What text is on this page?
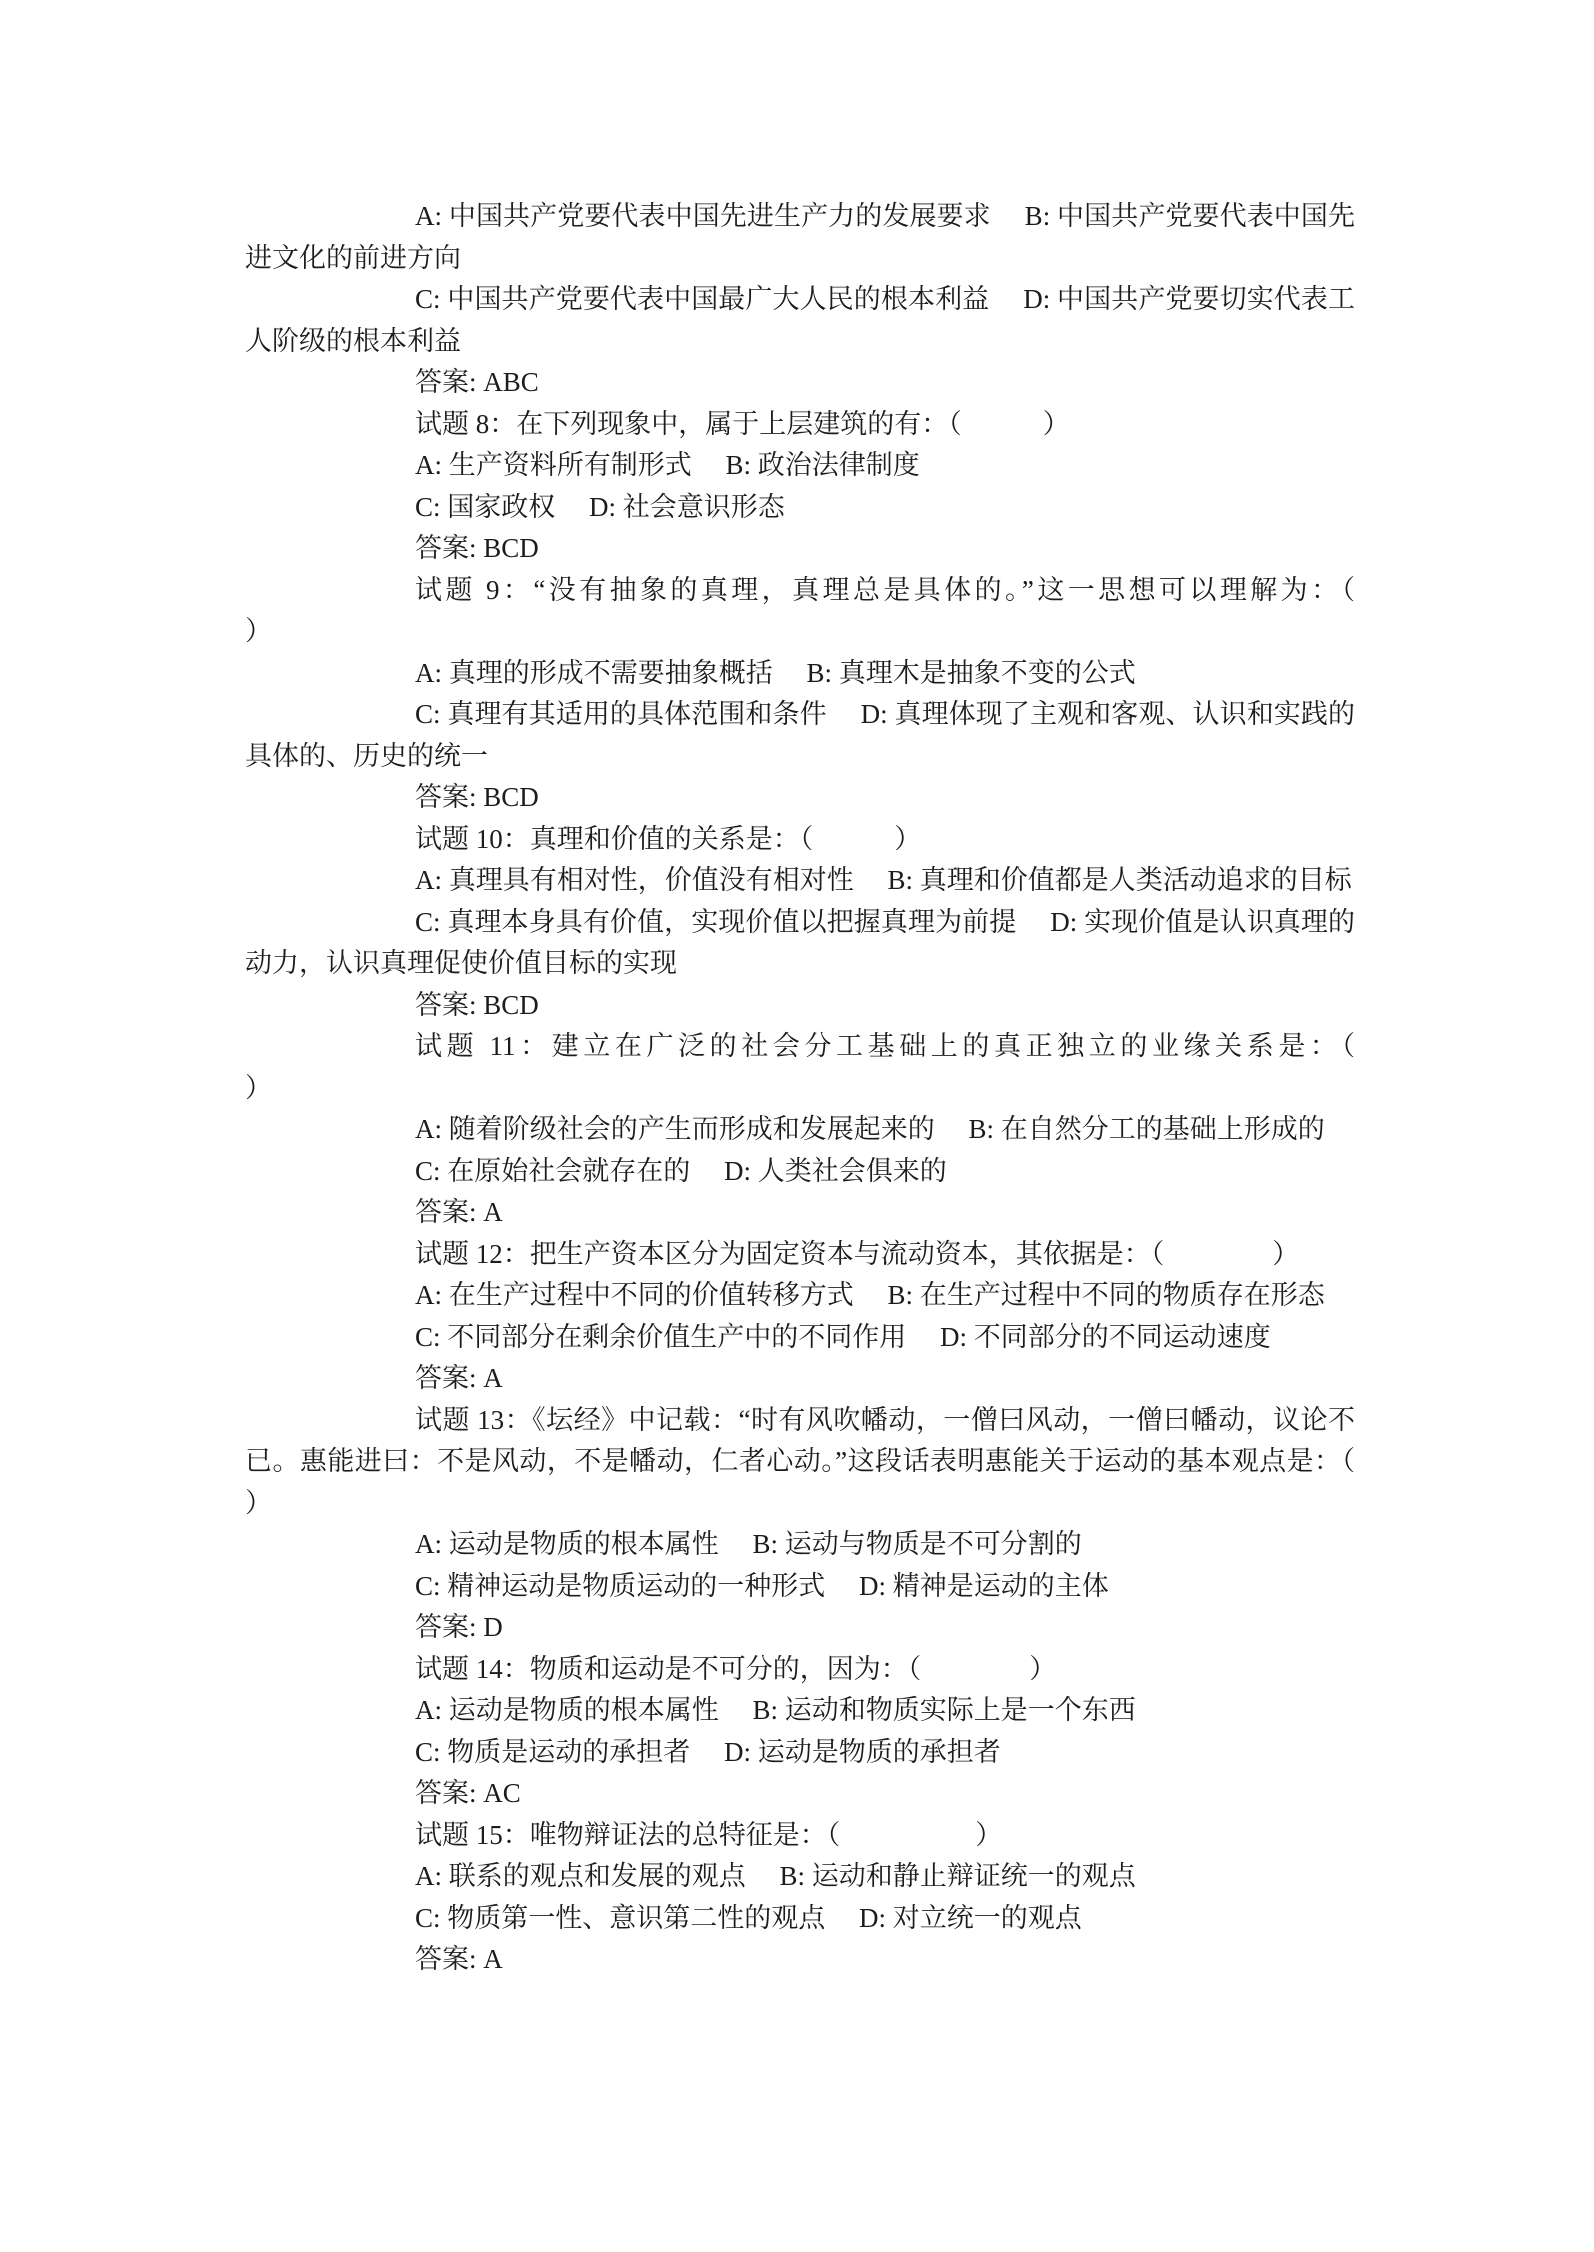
A: 中国共产党要代表中国先进生产力的发展要求　 B: 中国共产党要代表中国先进文化的前进方向

C: 中国共产党要代表中国最广大人民的根本利益　 D: 中国共产党要切实代表工人阶级的根本利益

答案: ABC

试题 8：在下列现象中，属于上层建筑的有：（　　　）

A: 生产资料所有制形式　 B: 政治法律制度

C: 国家政权　 D: 社会意识形态

答案: BCD

试题 9：“没有抽象的真理，真理总是具体的。”这一思想可以理解为：（　　　　）

A: 真理的形成不需要抽象概括　 B: 真理木是抽象不变的公式

C: 真理有其适用的具体范围和条件　 D: 真理体现了主观和客观、认识和实践的具体的、历史的统一

答案: BCD

试题 10：真理和价值的关系是：（　　　）

A: 真理具有相对性，价值没有相对性　 B: 真理和价值都是人类活动追求的目标

C: 真理本身具有价值，实现价值以把握真理为前提　 D: 实现价值是认识真理的动力，认识真理促使价值目标的实现

答案: BCD

试题 11：建立在广泛的社会分工基础上的真正独立的业缘关系是：（　　　　　）

A: 随着阶级社会的产生而形成和发展起来的　 B: 在自然分工的基础上形成的

C: 在原始社会就存在的　 D: 人类社会俱来的

答案: A

试题 12：把生产资本区分为固定资本与流动资本，其依据是：（　　　　）

A: 在生产过程中不同的价值转移方式　 B: 在生产过程中不同的物质存在形态

C: 不同部分在剩余价值生产中的不同作用　 D: 不同部分的不同运动速度

答案: A

试题 13：《坛经》中记载：“时有风吹幡动，一僧曰风动，一僧曰幡动，议论不已。惠能进曰：不是风动，不是幡动，仁者心动。”这段话表明惠能关于运动的基本观点是：（　　　　）

A: 运动是物质的根本属性　 B: 运动与物质是不可分割的

C: 精神运动是物质运动的一种形式　 D: 精神是运动的主体

答案: D

试题 14：物质和运动是不可分的，因为：（　　　　）

A: 运动是物质的根本属性　 B: 运动和物质实际上是一个东西

C: 物质是运动的承担者　 D: 运动是物质的承担者

答案: AC

试题 15：唯物辩证法的总特征是：（　　　　　）

A: 联系的观点和发展的观点　 B: 运动和静止辩证统一的观点

C: 物质第一性、意识第二性的观点　 D: 对立统一的观点

答案: A
